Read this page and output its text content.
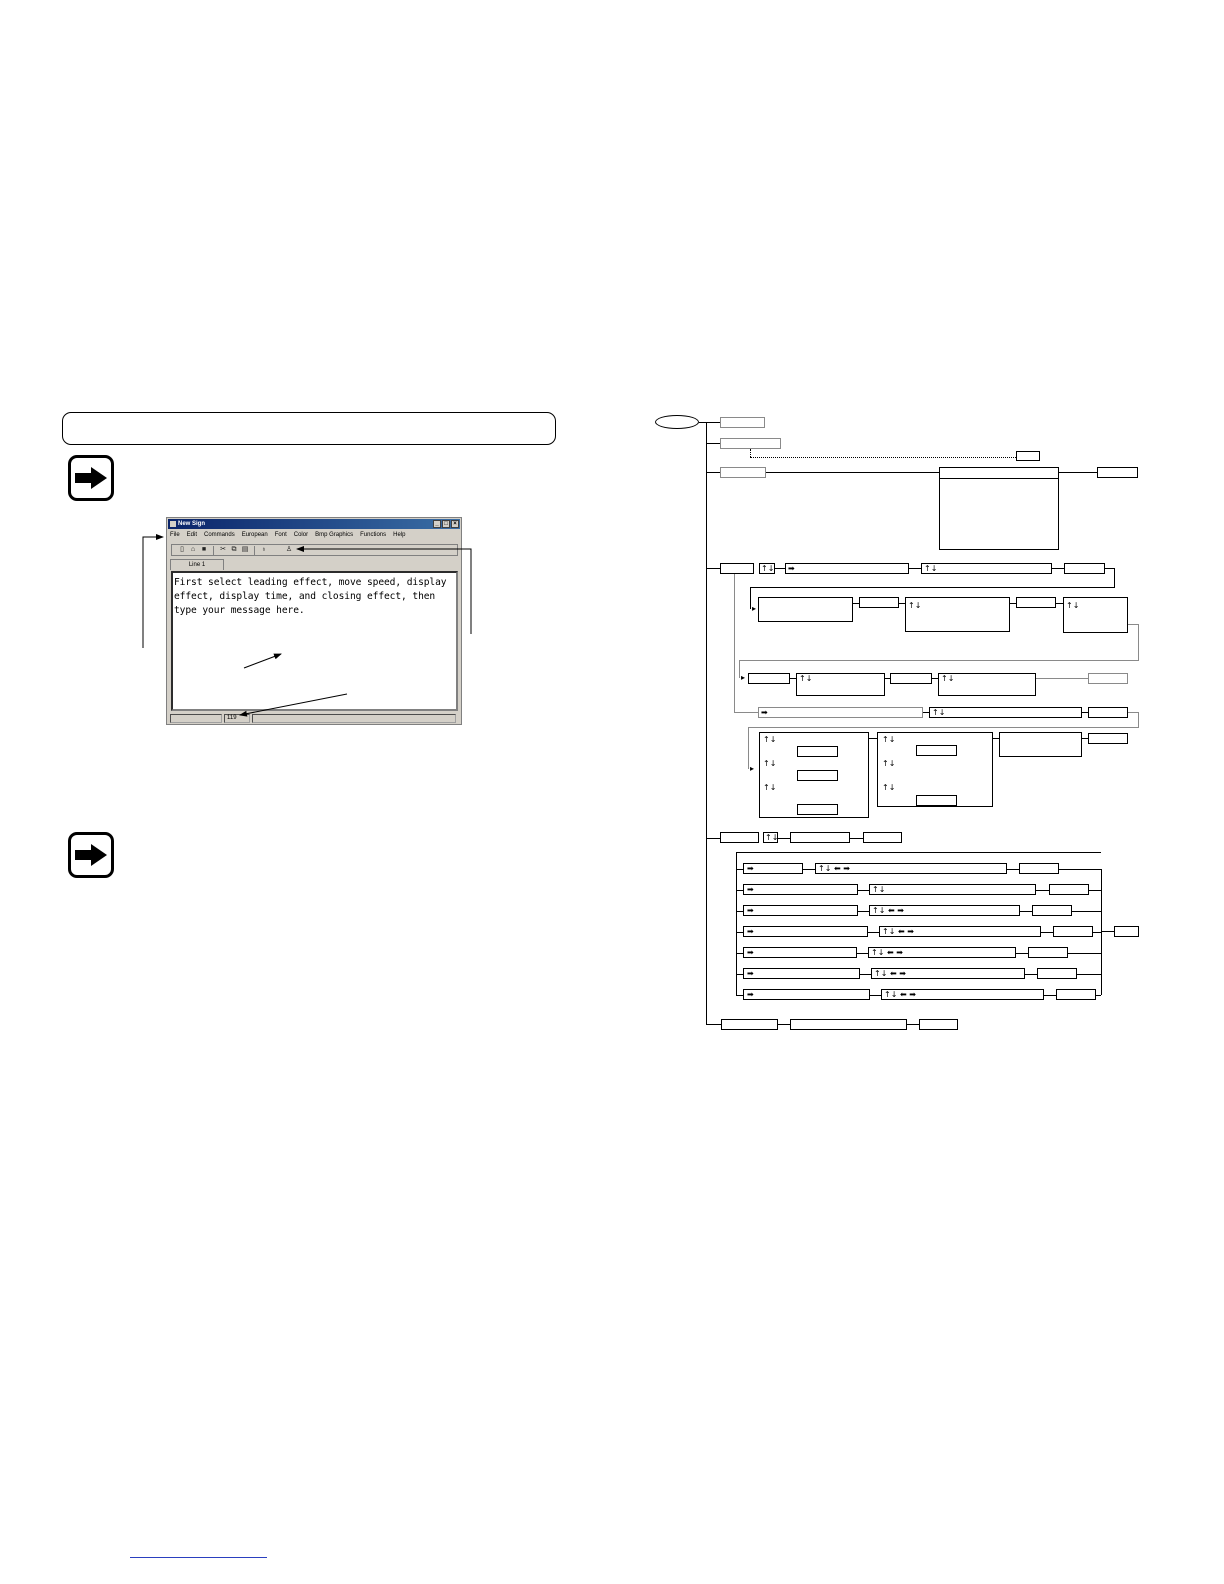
New Sign	_ □ ×
File Edit Commands European Font Color Bmp Graphics Functions Help
▯ ⌂ ■ ✂ ⧉ ▤ ♁	♙
Line 1
First select leading effect, move speed, display
effect, display time, and closing effect, then
type your message here.
119
↑↓ ➡	↑↓
▸	↑↓	↑↓
▸	↑↓	↑↓
➡	↑↓
▸
↑↓
↑↓
↑↓
↑↓
↑↓
↑↓
↑↓
➡	↑↓ ⬅ ➡
➡	↑↓
➡	↑↓ ⬅ ➡
➡	↑↓ ⬅ ➡
➡	↑↓ ⬅ ➡
➡	↑↓ ⬅ ➡
➡	↑↓ ⬅ ➡
